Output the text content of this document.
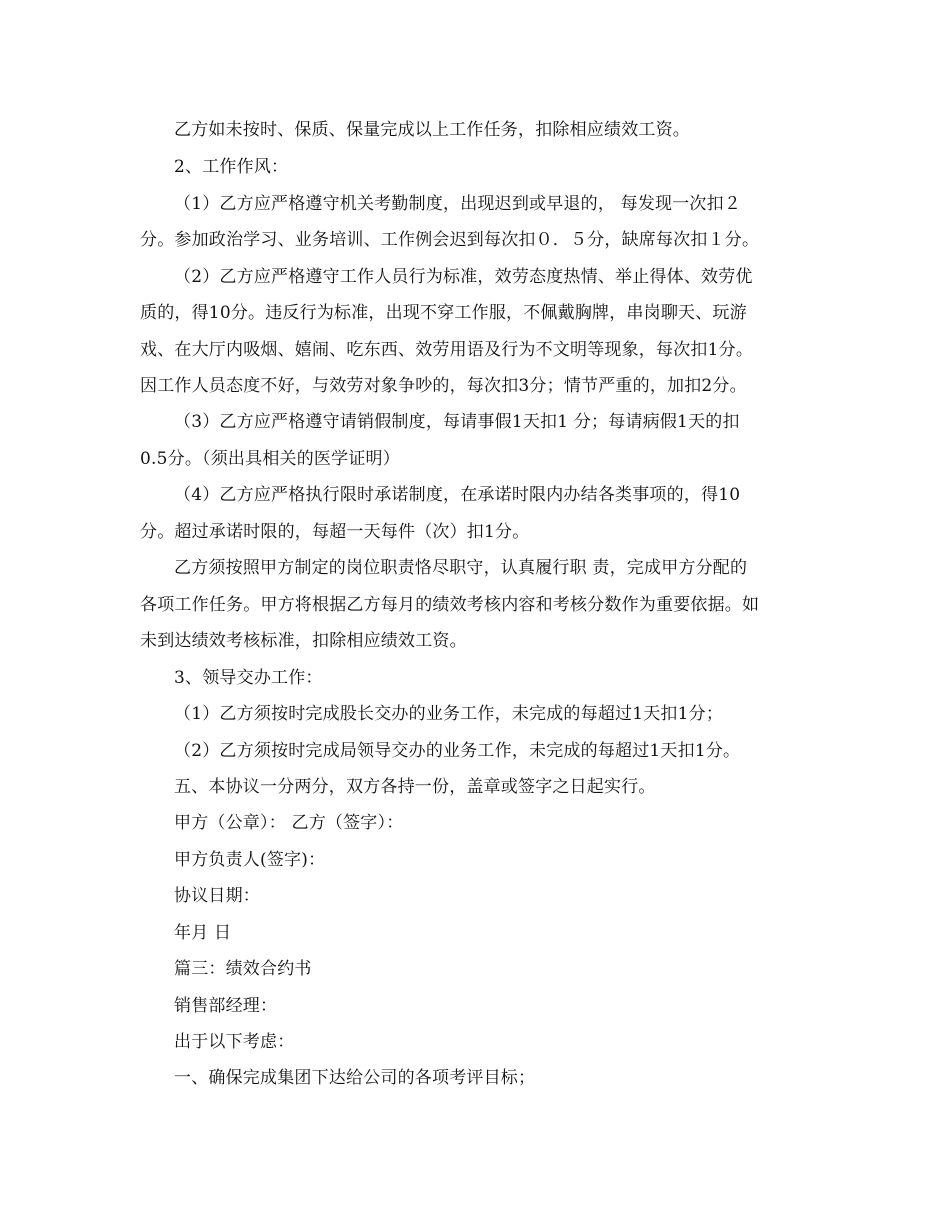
乙方如未按时、保质、保量完成以上工作任务，扣除相应绩效工资。

2、工作作风：

（1）乙方应严格遵守机关考勤制度，出现迟到或早退的， 每发现一次扣２

分。参加政治学习、业务培训、工作例会迟到每次扣０．５分，缺席每次扣１分。

（2）乙方应严格遵守工作人员行为标准，效劳态度热情、举止得体、效劳优

质的，得10分。违反行为标准，出现不穿工作服，不佩戴胸牌，串岗聊天、玩游

戏、在大厅内吸烟、嬉闹、吃东西、效劳用语及行为不文明等现象，每次扣1分。

因工作人员态度不好，与效劳对象争吵的，每次扣3分；情节严重的，加扣2分。

（3）乙方应严格遵守请销假制度，每请事假1天扣1 分；每请病假1天的扣

0.5分。（须出具相关的医学证明）

（4）乙方应严格执行限时承诺制度，在承诺时限内办结各类事项的，得10

分。超过承诺时限的，每超一天每件（次）扣1分。

乙方须按照甲方制定的岗位职责恪尽职守，认真履行职 责，完成甲方分配的

各项工作任务。甲方将根据乙方每月的绩效考核内容和考核分数作为重要依据。如

未到达绩效考核标准，扣除相应绩效工资。

3、领导交办工作：

（1）乙方须按时完成股长交办的业务工作，未完成的每超过1天扣1分；

（2）乙方须按时完成局领导交办的业务工作，未完成的每超过1天扣1分。

五、本协议一分两分，双方各持一份，盖章或签字之日起实行。

甲方（公章）： 乙方（签字）：

甲方负责人(签字)：

协议日期：

年月 日

篇三：绩效合约书

销售部经理：

出于以下考虑：

一、确保完成集团下达给公司的各项考评目标；
